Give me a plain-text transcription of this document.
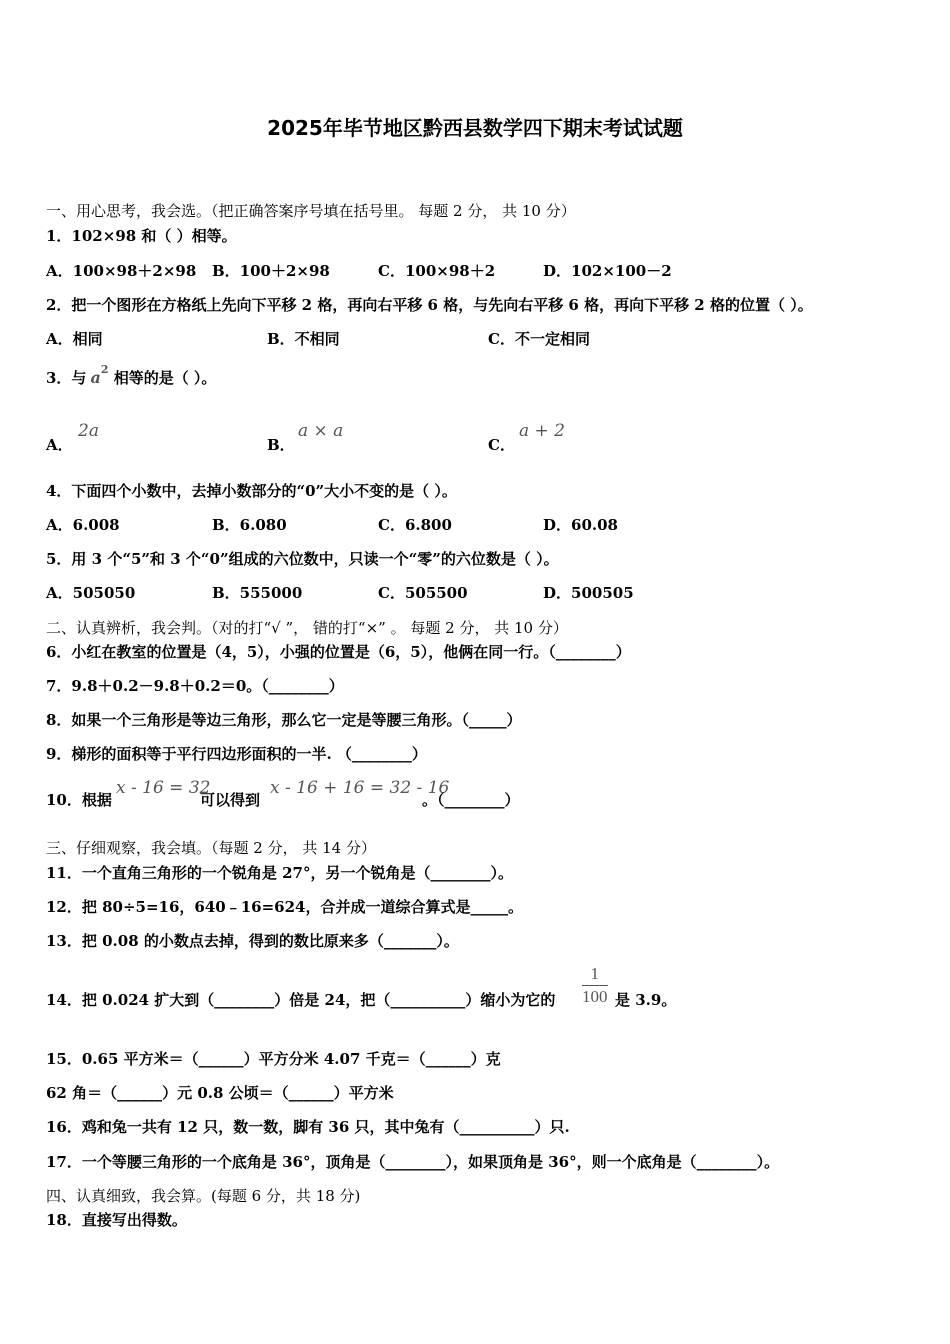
2025年毕节地区黔西县数学四下期末考试试题
一、用心思考，我会选。（把正确答案序号填在括号里。 每题 2 分， 共 10 分）
1．102×98 和（ ）相等。
A．100×98＋2×98 B．100＋2×98	C．100×98＋2	D．102×100－2
2．把一个图形在方格纸上先向下平移 2 格，再向右平移 6 格，与先向右平移 6 格，再向下平移 2 格的位置（ ）。
A．相同	B．不相同	C．不一定相同
3．与 $a^2$ 相等的是（ ）。
A．
2a
B．
a × a
C．
a + 2
4．下面四个小数中，去掉小数部分的“0”大小不变的是（ ）。
A．6.008	B．6.080	C．6.800	D．60.08
5．用 3 个“5”和 3 个“0”组成的六位数中，只读一个“零”的六位数是（ ）。
A．505050	B．555000	C．505500	D．500505
二、认真辨析，我会判。（对的打“√ ”， 错的打“×” 。 每题 2 分， 共 10 分）
6．小红在教室的位置是（4，5），小强的位置是（6，5），他俩在同一行。（________）
7．9.8＋0.2－9.8＋0.2＝0。（________）
8．如果一个三角形是等边三角形，那么它一定是等腰三角形。（_____）
9．梯形的面积等于平行四边形面积的一半. （________）
10．根据
x - 16 = 32
可以得到
x - 16 + 16 = 32 - 16
。（________）
三、仔细观察，我会填。（每题 2 分， 共 14 分）
11．一个直角三角形的一个锐角是 27°，另一个锐角是（________）。
12．把 80÷5=16，640﹣16=624，合并成一道综合算式是_____。
13．把 0.08 的小数点去掉，得到的数比原来多（_______）。
14．把 0.024 扩大到（________）倍是 24，把（__________）缩小为它的 $\frac{1}{100}$ 是 3.9。
15．0.65 平方米＝（______）平方分米 4.07 千克＝（______）克
62 角＝（______）元 0.8 公顷＝（______）平方米
16．鸡和兔一共有 12 只，数一数，脚有 36 只，其中兔有（__________）只.
17．一个等腰三角形的一个底角是 36°，顶角是（________），如果顶角是 36°，则一个底角是（________）。
四、认真细致，我会算。(每题 6 分，共 18 分)
18．直接写出得数。
